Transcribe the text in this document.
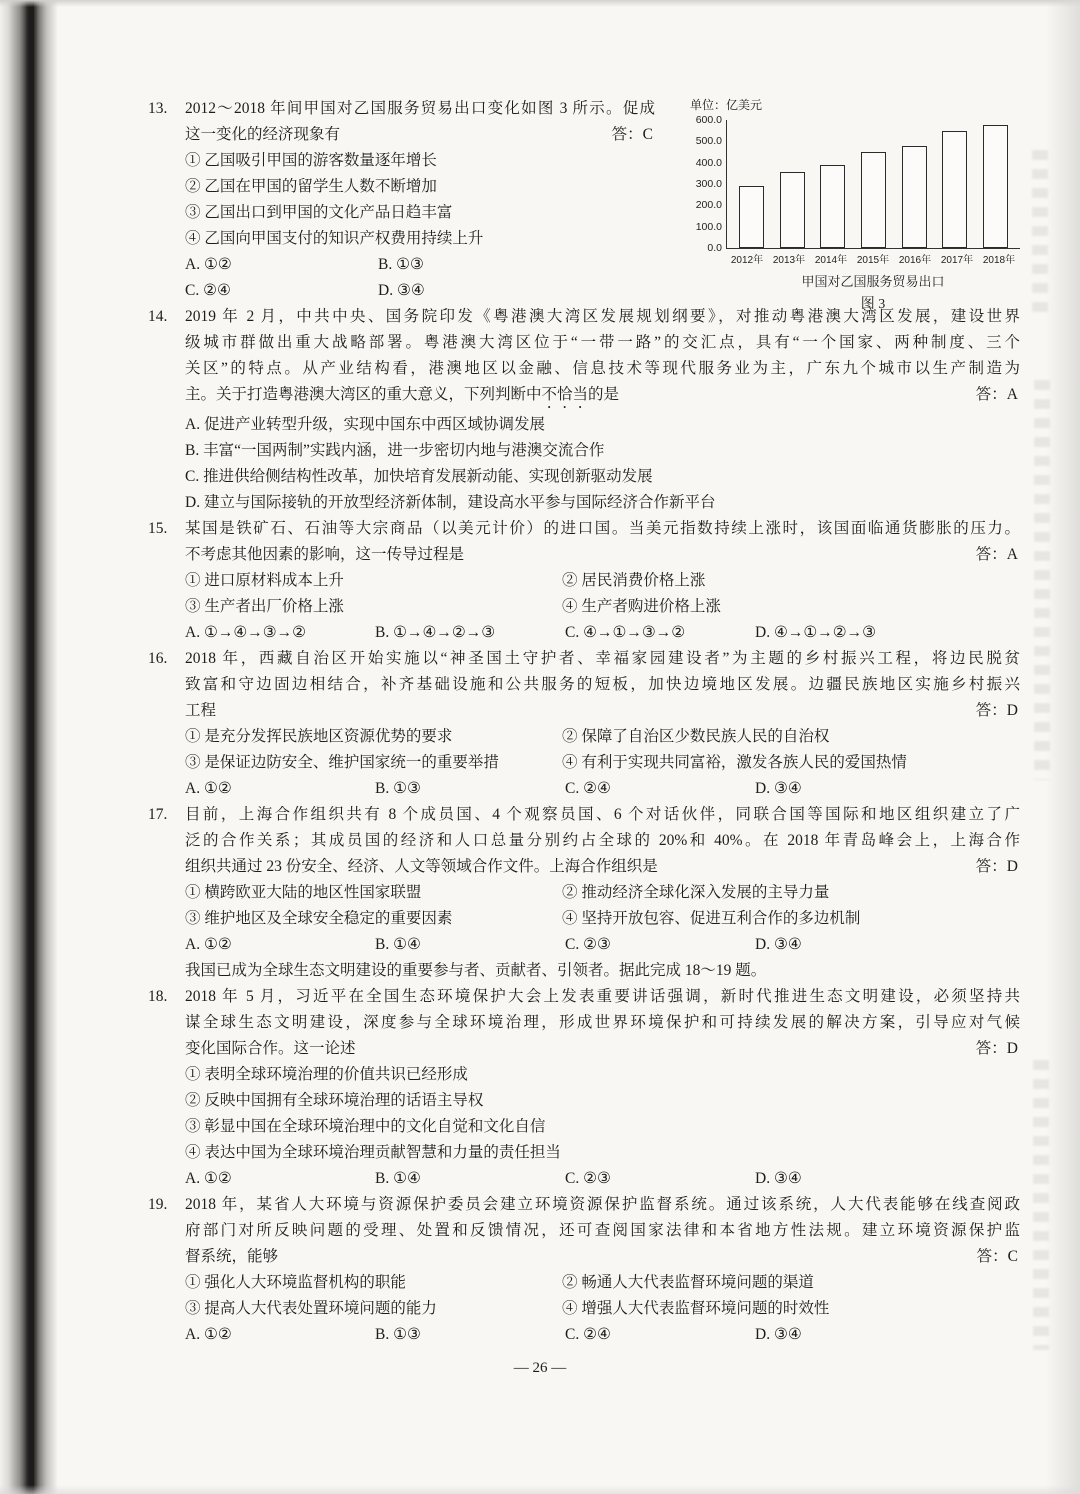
13. 2012～2018 年间甲国对乙国服务贸易出口变化如图 3 所示。促成
这一变化的经济现象有	答：C
① 乙国吸引甲国的游客数量逐年增长
② 乙国在甲国的留学生人数不断增加
③ 乙国出口到甲国的文化产品日趋丰富
④ 乙国向甲国支付的知识产权费用持续上升
A. ①②	B. ①③
C. ②④	D. ③④
14. 2019 年 2 月，中共中央、国务院印发《粤港澳大湾区发展规划纲要》，对推动粤港澳大湾区发展，建设世界
级城市群做出重大战略部署。粤港澳大湾区位于“一带一路”的交汇点，具有“一个国家、两种制度、三个
关区”的特点。从产业结构看，港澳地区以金融、信息技术等现代服务业为主，广东九个城市以生产制造为
主。关于打造粤港澳大湾区的重大意义，下列判断中不恰当的是	答：A
A. 促进产业转型升级，实现中国东中西区域协调发展
B. 丰富“一国两制”实践内涵，进一步密切内地与港澳交流合作
C. 推进供给侧结构性改革，加快培育发展新动能、实现创新驱动发展
D. 建立与国际接轨的开放型经济新体制，建设高水平参与国际经济合作新平台
15. 某国是铁矿石、石油等大宗商品（以美元计价）的进口国。当美元指数持续上涨时，该国面临通货膨胀的压力。
不考虑其他因素的影响，这一传导过程是	答：A
① 进口原材料成本上升	② 居民消费价格上涨
③ 生产者出厂价格上涨	④ 生产者购进价格上涨
A. ①→④→③→②	B. ①→④→②→③	C. ④→①→③→②	D. ④→①→②→③
16. 2018 年，西藏自治区开始实施以“神圣国土守护者、幸福家园建设者”为主题的乡村振兴工程，将边民脱贫
致富和守边固边相结合，补齐基础设施和公共服务的短板，加快边境地区发展。边疆民族地区实施乡村振兴
工程	答：D
① 是充分发挥民族地区资源优势的要求	② 保障了自治区少数民族人民的自治权
③ 是保证边防安全、维护国家统一的重要举措	④ 有利于实现共同富裕，激发各族人民的爱国热情
A. ①②	B. ①③	C. ②④	D. ③④
17. 目前，上海合作组织共有 8 个成员国、4 个观察员国、6 个对话伙伴，同联合国等国际和地区组织建立了广
泛的合作关系；其成员国的经济和人口总量分别约占全球的 20%和 40%。在 2018 年青岛峰会上，上海合作
组织共通过 23 份安全、经济、人文等领域合作文件。上海合作组织是	答：D
① 横跨欧亚大陆的地区性国家联盟	② 推动经济全球化深入发展的主导力量
③ 维护地区及全球安全稳定的重要因素	④ 坚持开放包容、促进互利合作的多边机制
A. ①②	B. ①④	C. ②③	D. ③④
我国已成为全球生态文明建设的重要参与者、贡献者、引领者。据此完成 18～19 题。
18. 2018 年 5 月，习近平在全国生态环境保护大会上发表重要讲话强调，新时代推进生态文明建设，必须坚持共
谋全球生态文明建设，深度参与全球环境治理，形成世界环境保护和可持续发展的解决方案，引导应对气候
变化国际合作。这一论述	答：D
① 表明全球环境治理的价值共识已经形成
② 反映中国拥有全球环境治理的话语主导权
③ 彰显中国在全球环境治理中的文化自觉和文化自信
④ 表达中国为全球环境治理贡献智慧和力量的责任担当
A. ①②	B. ①④	C. ②③	D. ③④
19. 2018 年，某省人大环境与资源保护委员会建立环境资源保护监督系统。通过该系统，人大代表能够在线查阅政
府部门对所反映问题的受理、处置和反馈情况，还可查阅国家法律和本省地方性法规。建立环境资源保护监
督系统，能够	答：C
① 强化人大环境监督机构的职能	② 畅通人大代表监督环境问题的渠道
③ 提高人大代表处置环境问题的能力	④ 增强人大代表监督环境问题的时效性
A. ①②	B. ①③	C. ②④	D. ③④
单位：亿美元
600.0
500.0
400.0
300.0
200.0
100.0
0.0
2012年 2013年 2014年 2015年 2016年 2017年 2018年
甲国对乙国服务贸易出口
图 3
— 26 —
